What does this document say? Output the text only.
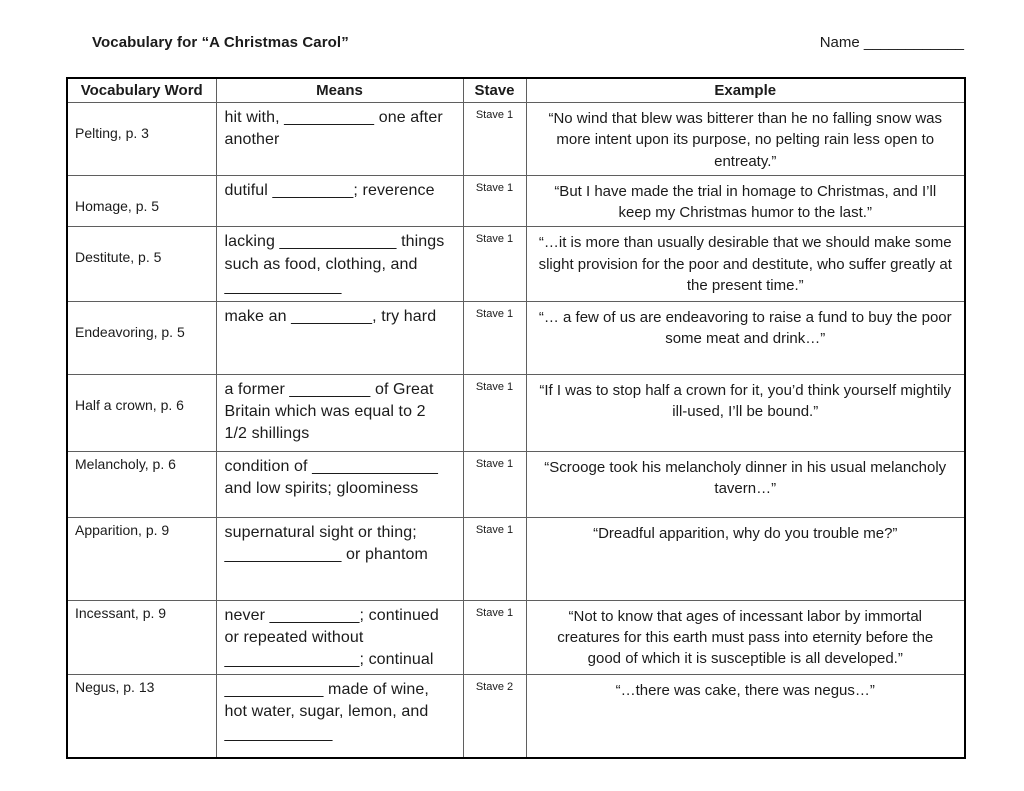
Vocabulary for “A Christmas Carol”	Name ____________
Vocabulary Word	Means	Stave	Example
Pelting, p. 3	hit with, __________ one after
another	Stave 1	“No wind that blew was bitterer than he no falling snow was more intent upon its purpose, no pelting rain less open to entreaty.”
Homage, p. 5	dutiful _________; reverence	Stave 1	“But I have made the trial in homage to Christmas, and I’ll keep my Christmas humor to the last.”
Destitute, p. 5	lacking _____________ things
such as food, clothing, and
_____________	Stave 1	“…it is more than usually desirable that we should make some slight provision for the poor and destitute, who suffer greatly at the present time.”
Endeavoring, p. 5	make an _________, try hard	Stave 1	“… a few of us are endeavoring to raise a fund to buy the poor some meat and drink…”
Half a crown, p. 6	a former _________ of Great
Britain which was equal to 2
1/2 shillings	Stave 1	“If I was to stop half a crown for it, you’d think yourself mightily ill-used, I’ll be bound.”
Melancholy, p. 6	condition of ______________
and low spirits; gloominess	Stave 1	“Scrooge took his melancholy dinner in his usual melancholy tavern…”
Apparition, p. 9	supernatural sight or thing;
_____________ or phantom	Stave 1	“Dreadful apparition, why do you trouble me?”
Incessant, p. 9	never __________; continued
or repeated without
_______________; continual	Stave 1	“Not to know that ages of incessant labor by immortal creatures for this earth must pass into eternity before the good of which it is susceptible is all developed.”
Negus, p. 13	___________ made of wine,
hot water, sugar, lemon, and
____________	Stave 2	“…there was cake, there was negus…”
